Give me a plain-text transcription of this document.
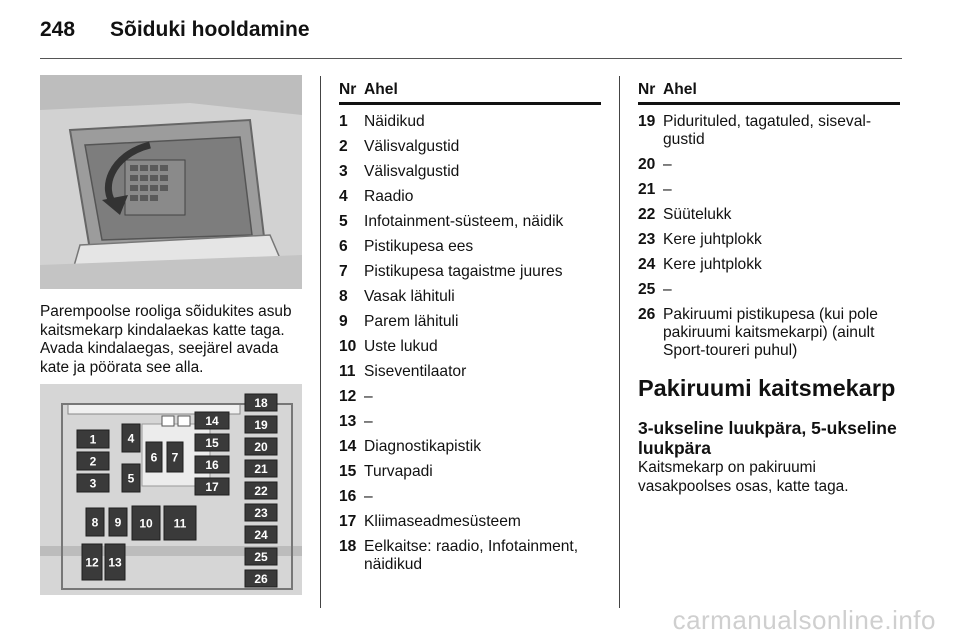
248 Sõiduki hooldamine
Parempoolse rooliga sõidukites asub kaitsmekarp kindalaekas katte taga. Avada kindalaegas, seejärel avada kate ja pöörata see alla.
1
2
3
4
5
6 7
8 9 10 11
12 13
14
15
16
17
18
19
20
21
22
23
24
25
26
Nr Ahel
1 Näidikud
2 Välisvalgustid
3 Välisvalgustid
4 Raadio
5 Infotainment-süsteem, näidik
6 Pistikupesa ees
7 Pistikupesa tagaistme juures
8 Vasak lähituli
9 Parem lähituli
10 Uste lukud
11 Siseventilaator
12 –
13 –
14 Diagnostikapistik
15 Turvapadi
16 –
17 Kliimaseadmesüsteem
18 Eelkaitse: raadio, Infotainment, näidikud
Nr Ahel
19 Pidurituled, tagatuled, sisevalgustid
20 –
21 –
22 Süütelukk
23 Kere juhtplokk
24 Kere juhtplokk
25 –
26 Pakiruumi pistikupesa (kui pole pakiruumi kaitsmekarpi) (ainult Sport-toureri puhul)
Pakiruumi kaitsmekarp
3-ukseline luukpära, 5-ukseline luukpära
Kaitsmekarp on pakiruumi vasakpoolses osas, katte taga.
carmanualsonline.info
